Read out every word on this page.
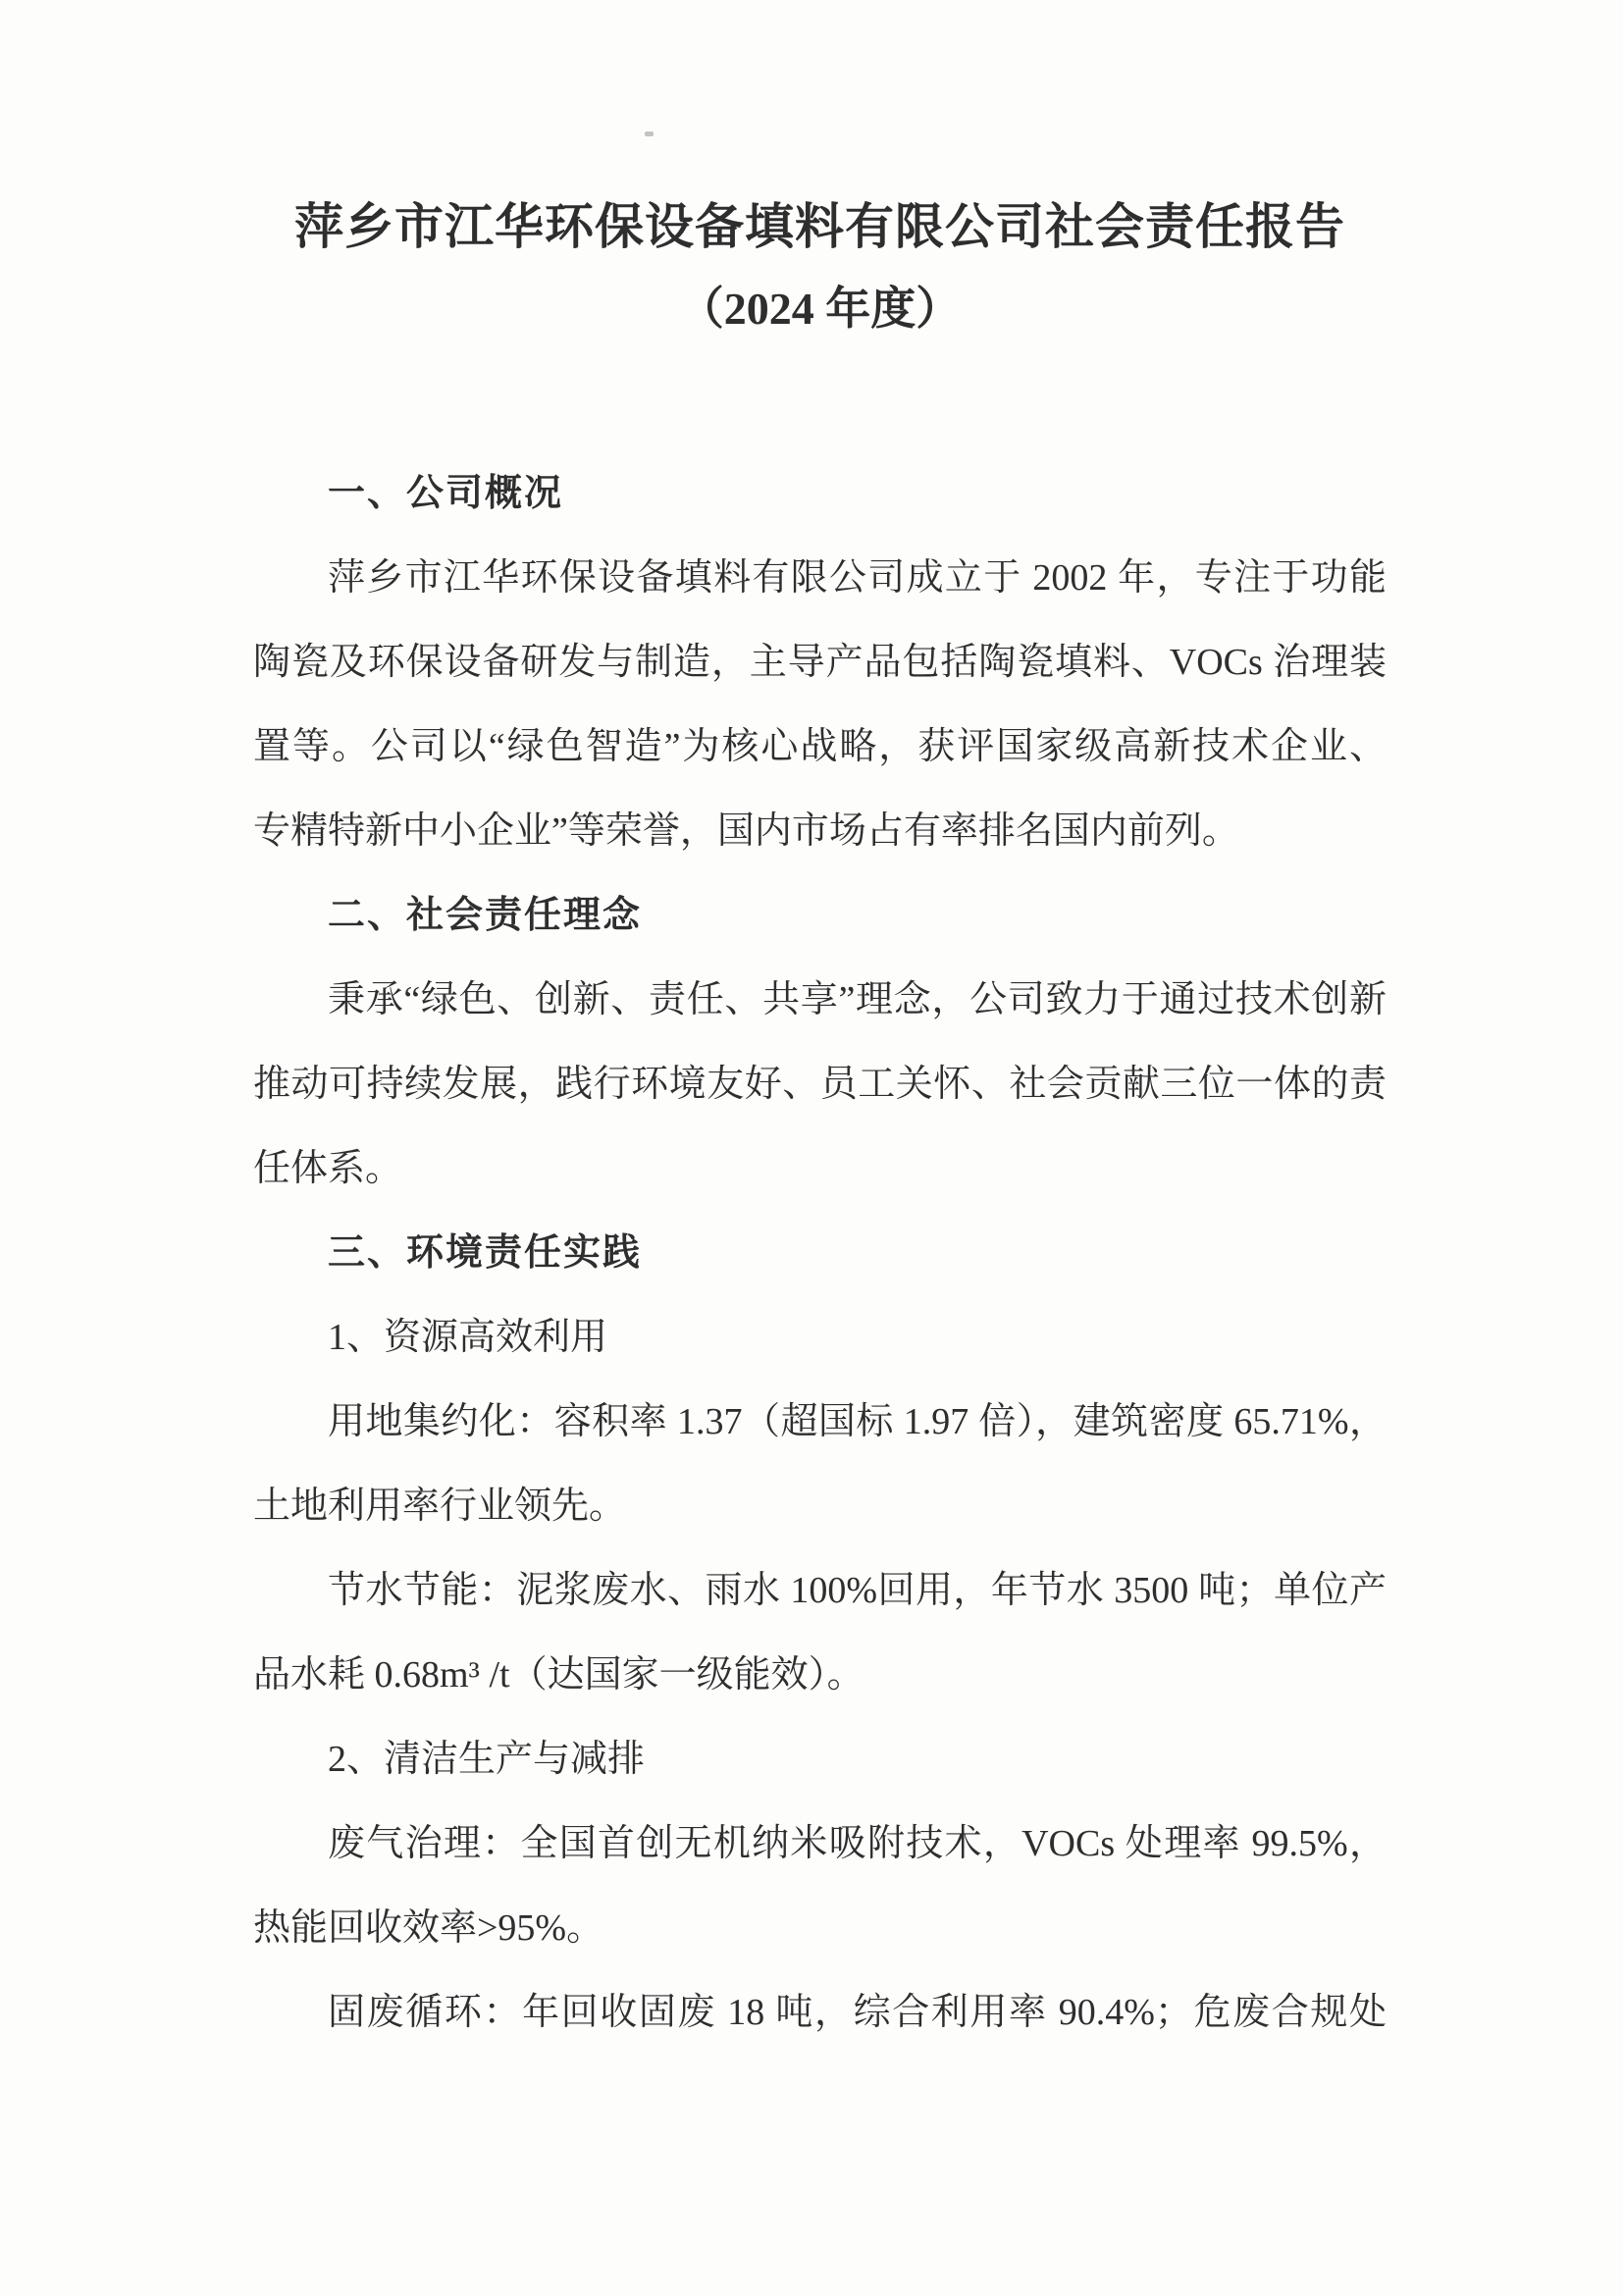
萍乡市江华环保设备填料有限公司社会责任报告
（2024 年度）
一、公司概况
萍乡市江华环保设备填料有限公司成立于 2002 年，专注于功能
陶瓷及环保设备研发与制造，主导产品包括陶瓷填料、VOCs 治理装
置等。公司以“绿色智造”为核心战略，获评国家级高新技术企业、
专精特新中小企业”等荣誉，国内市场占有率排名国内前列。
二、社会责任理念
秉承“绿色、创新、责任、共享”理念，公司致力于通过技术创新
推动可持续发展，践行环境友好、员工关怀、社会贡献三位一体的责
任体系。
三、环境责任实践
1、资源高效利用
用地集约化：容积率 1.37（超国标 1.97 倍），建筑密度 65.71%，
土地利用率行业领先。
节水节能：泥浆废水、雨水 100%回用，年节水 3500 吨；单位产
品水耗 0.68m³ /t（达国家一级能效）。
2、清洁生产与减排
废气治理：全国首创无机纳米吸附技术，VOCs 处理率 99.5%，
热能回收效率>95%。
固废循环：年回收固废 18 吨，综合利用率 90.4%；危废合规处
